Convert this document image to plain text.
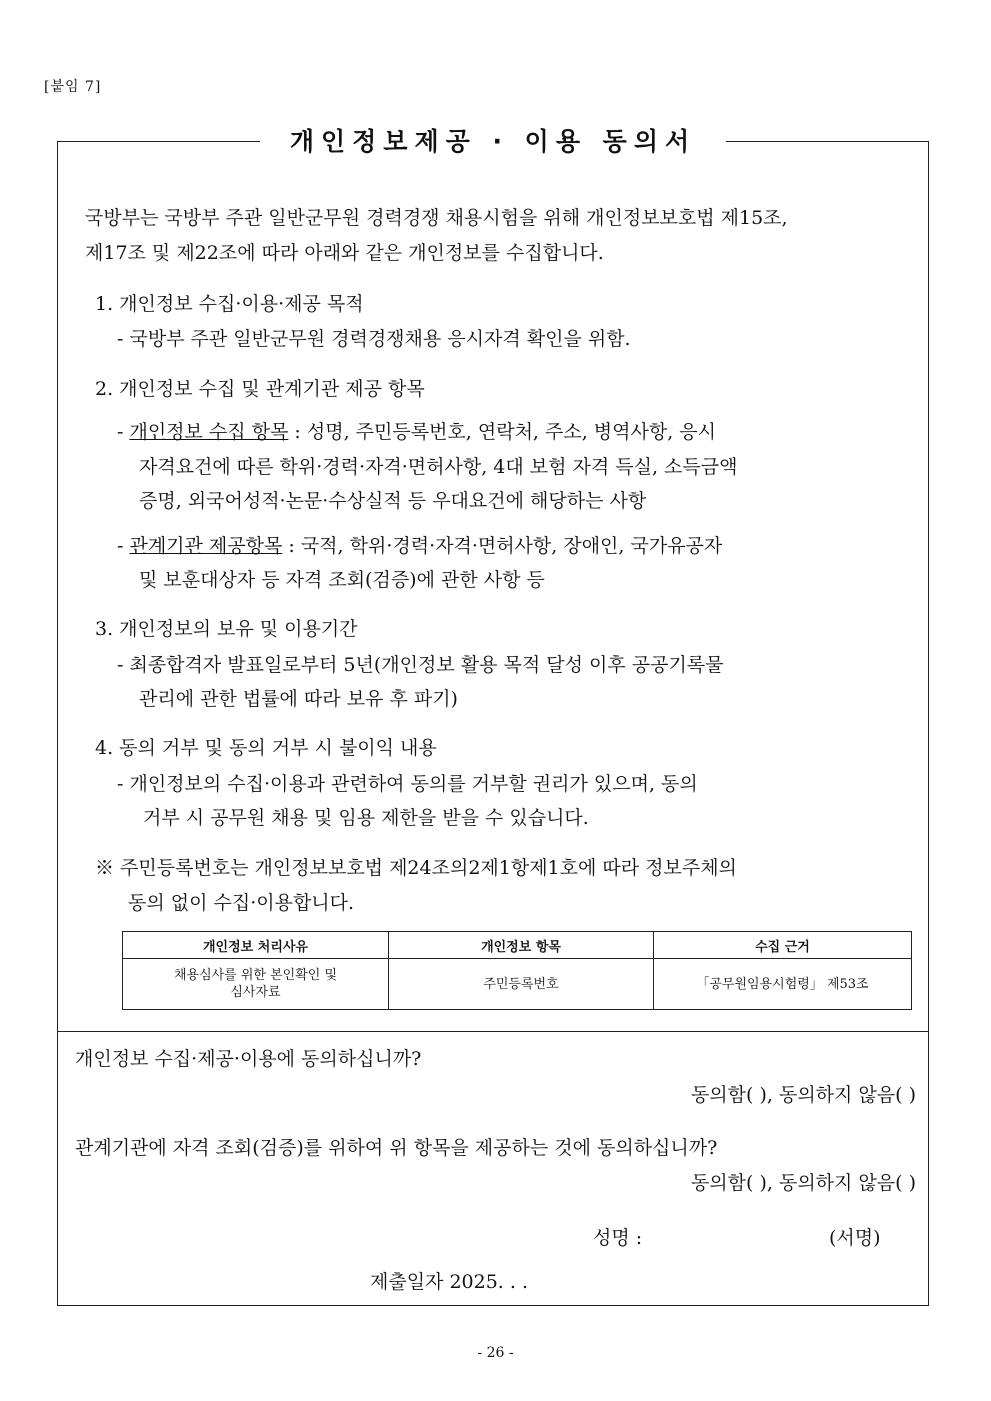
[붙임 7]
개인정보제공 · 이용 동의서
국방부는 국방부 주관 일반군무원 경력경쟁 채용시험을 위해 개인정보보호법 제15조,
제17조 및 제22조에 따라 아래와 같은 개인정보를 수집합니다.
1. 개인정보 수집·이용·제공 목적
- 국방부 주관 일반군무원 경력경쟁채용 응시자격 확인을 위함.
2. 개인정보 수집 및 관계기관 제공 항목
- 개인정보 수집 항목 : 성명, 주민등록번호, 연락처, 주소, 병역사항, 응시
자격요건에 따른 학위·경력·자격·면허사항, 4대 보험 자격 득실, 소득금액
증명, 외국어성적·논문·수상실적 등 우대요건에 해당하는 사항
- 관계기관 제공항목 : 국적, 학위·경력·자격·면허사항, 장애인, 국가유공자
및 보훈대상자 등 자격 조회(검증)에 관한 사항 등
3. 개인정보의 보유 및 이용기간
- 최종합격자 발표일로부터 5년(개인정보 활용 목적 달성 이후 공공기록물
관리에 관한 법률에 따라 보유 후 파기)
4. 동의 거부 및 동의 거부 시 불이익 내용
- 개인정보의 수집·이용과 관련하여 동의를 거부할 권리가 있으며, 동의
거부 시 공무원 채용 및 임용 제한을 받을 수 있습니다.
※ 주민등록번호는 개인정보보호법 제24조의2제1항제1호에 따라 정보주체의
동의 없이 수집·이용합니다.
개인정보 처리사유	개인정보 항목	수집 근거

채용심사를 위한 본인확인 및
심사자료	주민등록번호	「공무원임용시험령」 제53조
개인정보 수집·제공·이용에 동의하십니까?
동의함( ), 동의하지 않음( )
관계기관에 자격 조회(검증)를 위하여 위 항목을 제공하는 것에 동의하십니까?
동의함( ), 동의하지 않음( )
성명 :	(서명)
제출일자 2025. . .
- 26 -
